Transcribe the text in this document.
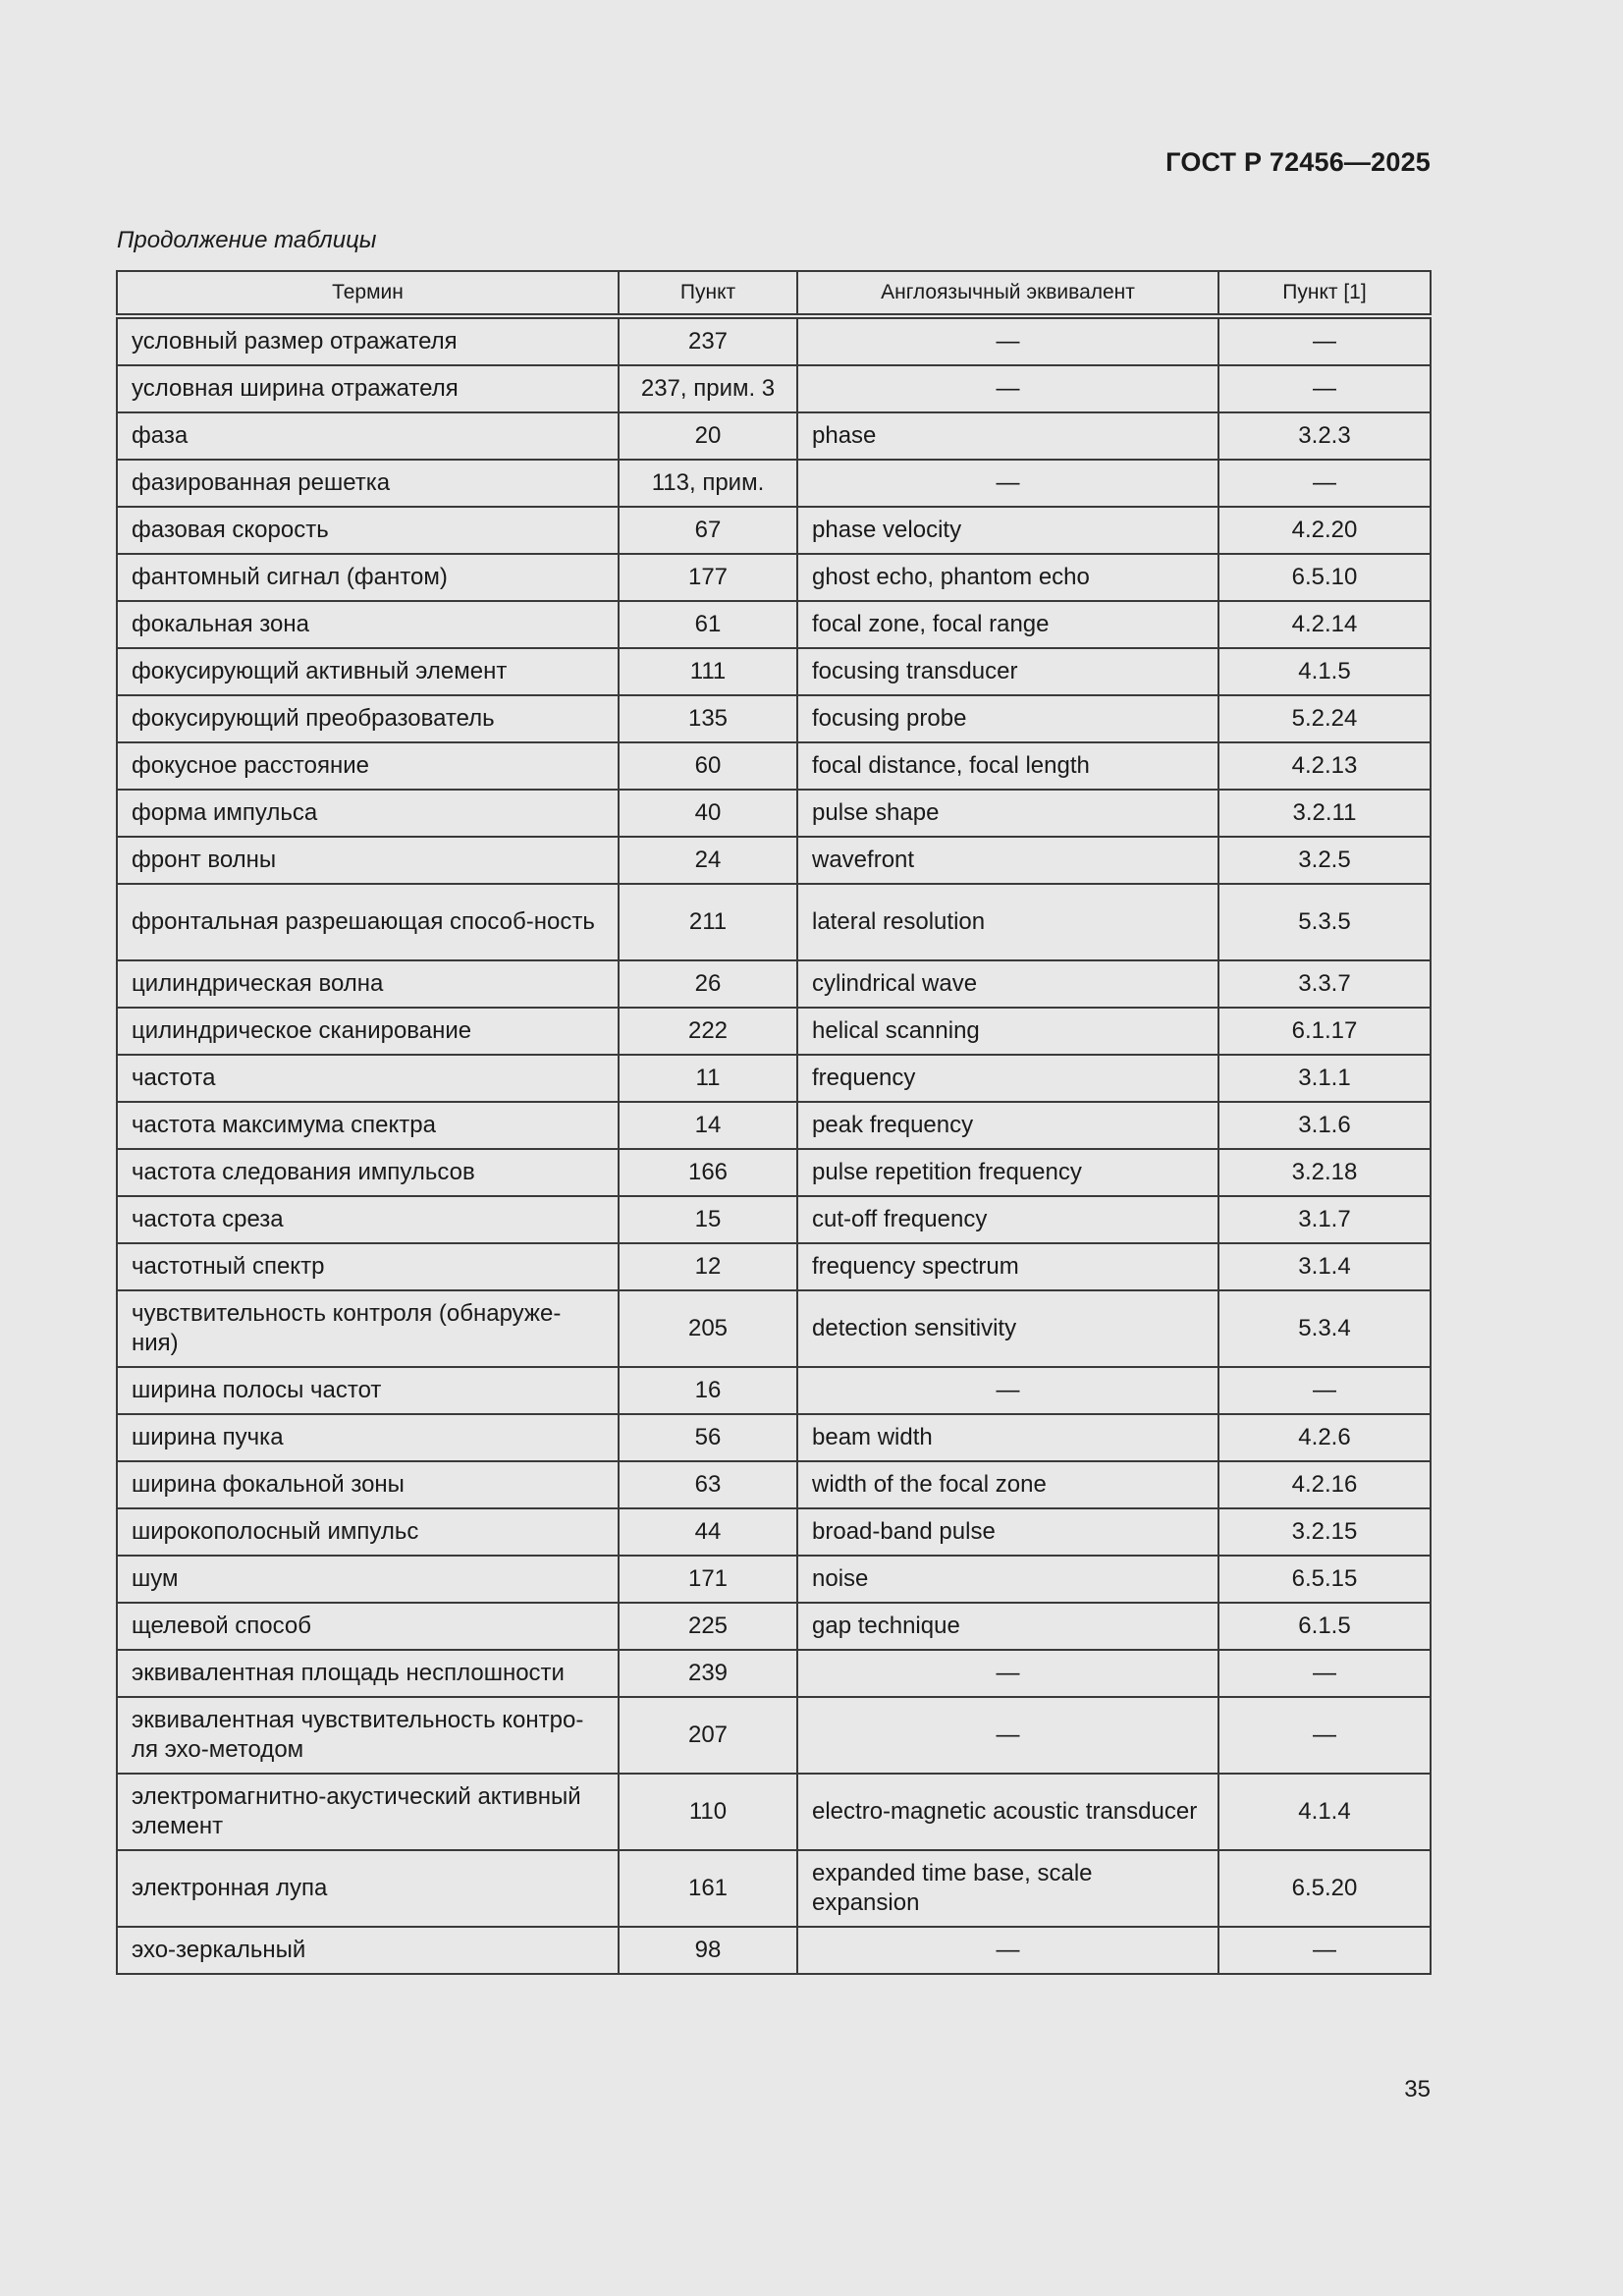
ГОСТ Р 72456—2025
Продолжение таблицы
Термин	Пункт	Англоязычный эквивалент	Пункт [1]
условный размер отражателя	237	—	—
условная ширина отражателя	237, прим. 3	—	—
фаза	20	phase	3.2.3
фазированная решетка	113, прим.	—	—
фазовая скорость	67	phase velocity	4.2.20
фантомный сигнал (фантом)	177	ghost echo, phantom echo	6.5.10
фокальная зона	61	focal zone, focal range	4.2.14
фокусирующий активный элемент	111	focusing transducer	4.1.5
фокусирующий преобразователь	135	focusing probe	5.2.24
фокусное расстояние	60	focal distance, focal length	4.2.13
форма импульса	40	pulse shape	3.2.11
фронт волны	24	wavefront	3.2.5
фронтальная разрешающая способ-ность	211	lateral resolution	5.3.5
цилиндрическая волна	26	cylindrical wave	3.3.7
цилиндрическое сканирование	222	helical scanning	6.1.17
частота	11	frequency	3.1.1
частота максимума спектра	14	peak frequency	3.1.6
частота следования импульсов	166	pulse repetition frequency	3.2.18
частота среза	15	cut-off frequency	3.1.7
частотный спектр	12	frequency spectrum	3.1.4
чувствительность контроля (обнаруже-ния)	205	detection sensitivity	5.3.4
ширина полосы частот	16	—	—
ширина пучка	56	beam width	4.2.6
ширина фокальной зоны	63	width of the focal zone	4.2.16
широкополосный импульс	44	broad-band pulse	3.2.15
шум	171	noise	6.5.15
щелевой способ	225	gap technique	6.1.5
эквивалентная площадь несплошности	239	—	—
эквивалентная чувствительность контро-ля эхо-методом	207	—	—
электромагнитно-акустический активный элемент	110	electro-magnetic acoustic transducer	4.1.4
электронная лупа	161	expanded time base, scale expansion	6.5.20
эхо-зеркальный	98	—	—
35
